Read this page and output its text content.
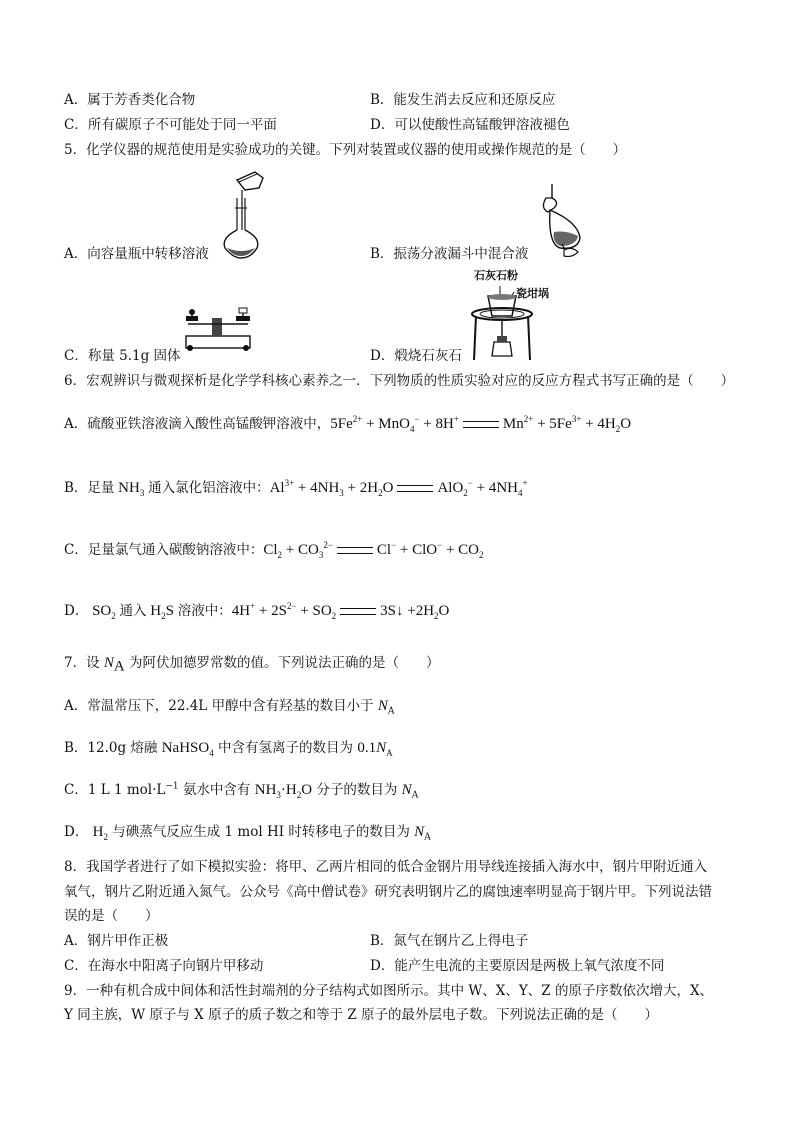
A．属于芳香类化合物	B．能发生消去反应和还原反应
C．所有碳原子不可能处于同一平面	D．可以使酸性高锰酸钾溶液褪色
5．化学仪器的规范使用是实验成功的关键。下列对装置或仪器的使用或操作规范的是（　　）
A．向容量瓶中转移溶液	B．振荡分液漏斗中混合液
石灰石粉
瓷坩埚
C．称量 5.1g 固体	D．煅烧石灰石
6．宏观辨识与微观探析是化学学科核心素养之一．下列物质的性质实验对应的反应方程式书写正确的是（　　）
A．硫酸亚铁溶液滴入酸性高锰酸钾溶液中，$5Fe^{2+} + MnO_4^- + 8H^+$	$Mn^{2+} + 5Fe^{3+} + 4H_2O$
B．足量 $NH_3$ 通入氯化铝溶液中：$Al^{3+} + 4NH_3 + 2H_2O$	$AlO_2^- + 4NH_4^+$
C．足量氯气通入碳酸钠溶液中：$Cl_2 + CO_3^{2-}$	$Cl^- + ClO^- + CO_2$
D． $SO_2$ 通入 $H_2S$ 溶液中：$4H^+ + 2S^{2-} + SO_2$	3S↓ $+2H_2O$
7．设 $N_A$ 为阿伏加德罗常数的值。下列说法正确的是（　　）
A．常温常压下，22.4L 甲醇中含有羟基的数目小于 $N_A$
B．12.0g 熔融 NaHSO$_4$ 中含有氢离子的数目为 $0.1N_A$
C．1 L 1 $mol\cdot L^{-1}$ 氨水中含有 $NH_3\cdot H_2O$ 分子的数目为 $N_A$
D． $H_2$ 与碘蒸气反应生成 1 mol HI 时转移电子的数目为 $N_A$
8．我国学者进行了如下模拟实验：将甲、乙两片相同的低合金钢片用导线连接插入海水中，钢片甲附近通入
氧气，钢片乙附近通入氮气。公众号《高中僧试卷》研究表明钢片乙的腐蚀速率明显高于钢片甲。下列说法错
误的是（　　）
A．钢片甲作正极	B．氮气在钢片乙上得电子
C．在海水中阳离子向钢片甲移动	D．能产生电流的主要原因是两极上氧气浓度不同
9．一种有机合成中间体和活性封端剂的分子结构式如图所示。其中 W、X、Y、Z 的原子序数依次增大，X、
Y 同主族，W 原子与 X 原子的质子数之和等于 Z 原子的最外层电子数。下列说法正确的是（　　）
